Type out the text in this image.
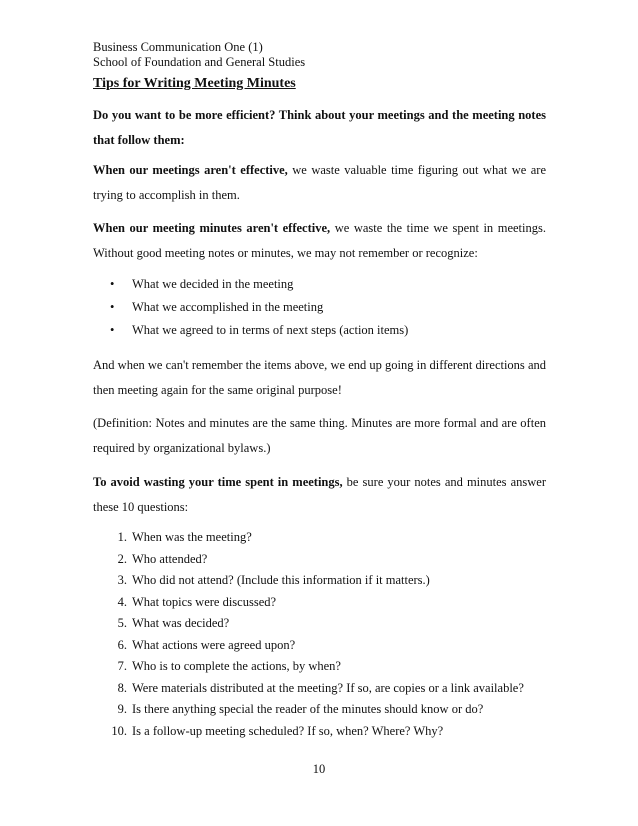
Business Communication One (1)
School of Foundation and General Studies
Tips for Writing Meeting Minutes
Do you want to be more efficient? Think about your meetings and the meeting notes that follow them:
When our meetings aren't effective, we waste valuable time figuring out what we are trying to accomplish in them.
When our meeting minutes aren't effective, we waste the time we spent in meetings. Without good meeting notes or minutes, we may not remember or recognize:
• What we decided in the meeting
• What we accomplished in the meeting
• What we agreed to in terms of next steps (action items)
And when we can't remember the items above, we end up going in different directions and then meeting again for the same original purpose!
(Definition: Notes and minutes are the same thing. Minutes are more formal and are often required by organizational bylaws.)
To avoid wasting your time spent in meetings, be sure your notes and minutes answer these 10 questions:
1. When was the meeting?
2. Who attended?
3. Who did not attend? (Include this information if it matters.)
4. What topics were discussed?
5. What was decided?
6. What actions were agreed upon?
7. Who is to complete the actions, by when?
8. Were materials distributed at the meeting? If so, are copies or a link available?
9. Is there anything special the reader of the minutes should know or do?
10. Is a follow-up meeting scheduled? If so, when? Where? Why?
10
